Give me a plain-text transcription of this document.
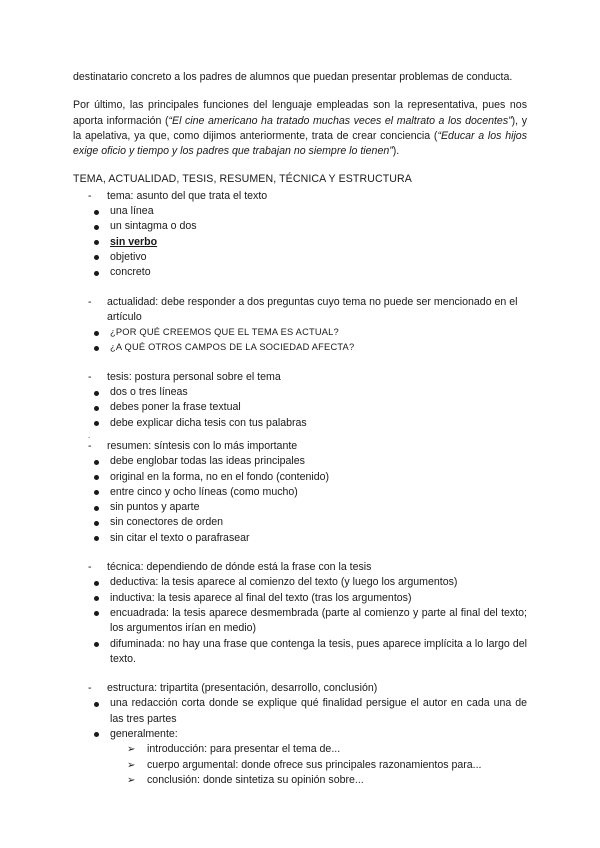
destinatario concreto a los padres de alumnos que puedan presentar problemas de conducta.

Por último, las principales funciones del lenguaje empleadas son la representativa, pues nos aporta información (“El cine americano ha tratado muchas veces el maltrato a los docentes”), y la apelativa, ya que, como dijimos anteriormente, trata de crear conciencia (“Educar a los hijos exige oficio y tiempo y los padres que trabajan no siempre lo tienen”).

TEMA, ACTUALIDAD, TESIS, RESUMEN, TÉCNICA Y ESTRUCTURA
- tema: asunto del que trata el texto
una línea
un sintagma o dos
sin verbo
objetivo
concreto
- actualidad: debe responder a dos preguntas cuyo tema no puede ser mencionado en el artículo
¿POR QUÉ CREEMOS QUE EL TEMA ES ACTUAL?
¿A QUÉ OTROS CAMPOS DE LA SOCIEDAD AFECTA?
- tesis: postura personal sobre el tema
dos o tres líneas
debes poner la frase textual
debe explicar dicha tesis con tus palabras
.
- resumen: síntesis con lo más importante
debe englobar todas las ideas principales
original en la forma, no en el fondo (contenido)
entre cinco y ocho líneas (como mucho)
sin puntos y aparte
sin conectores de orden
sin citar el texto o parafrasear
- técnica: dependiendo de dónde está la frase con la tesis
deductiva: la tesis aparece al comienzo del texto (y luego los argumentos)
inductiva: la tesis aparece al final del texto (tras los argumentos)
encuadrada: la tesis aparece desmembrada (parte al comienzo y parte al final del texto; los argumentos irían en medio)
difuminada: no hay una frase que contenga la tesis, pues aparece implícita a lo largo del texto.
- estructura: tripartita (presentación, desarrollo, conclusión)
una redacción corta donde se explique qué finalidad persigue el autor en cada una de las tres partes
generalmente:
➢ introducción: para presentar el tema de...
➢ cuerpo argumental: donde ofrece sus principales razonamientos para...
➢ conclusión: donde sintetiza su opinión sobre...
